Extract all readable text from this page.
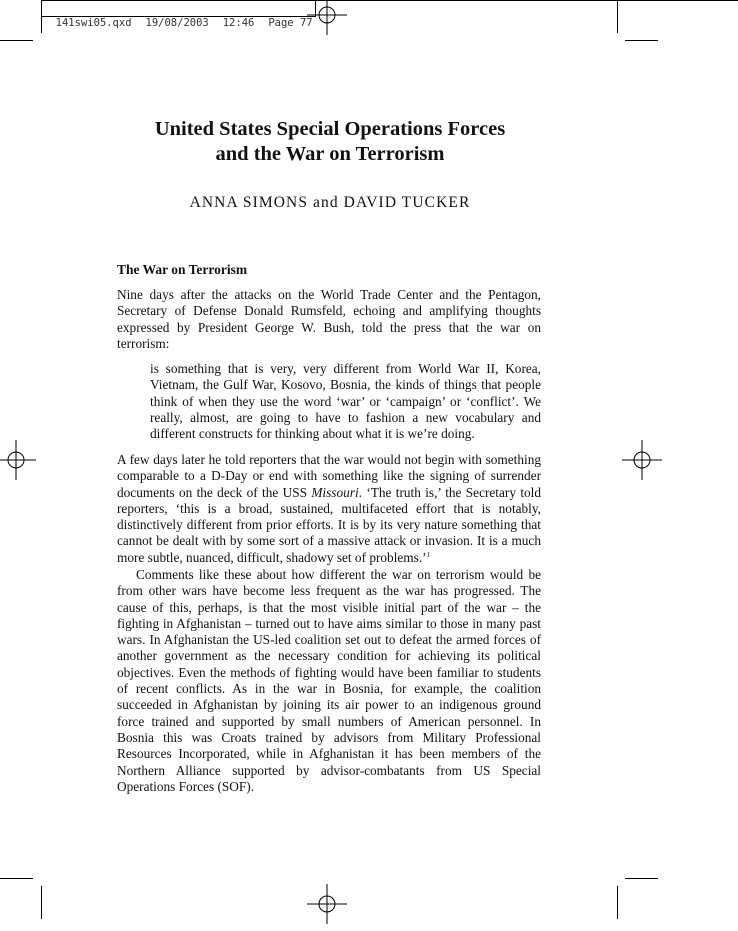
141swi05.qxd 19/08/2003 12:46 Page 77

United States Special Operations Forces
and the War on Terrorism
ANNA SIMONS and DAVID TUCKER
The War on Terrorism
Nine days after the attacks on the World Trade Center and the Pentagon, Secretary of Defense Donald Rumsfeld, echoing and amplifying thoughts expressed by President George W. Bush, told the press that the war on terrorism:
is something that is very, very different from World War II, Korea, Vietnam, the Gulf War, Kosovo, Bosnia, the kinds of things that people think of when they use the word ‘war’ or ‘campaign’ or ‘conflict’. We really, almost, are going to have to fashion a new vocabulary and different constructs for thinking about what it is we’re doing.
A few days later he told reporters that the war would not begin with something comparable to a D-Day or end with something like the signing of surrender documents on the deck of the USS Missouri. ‘The truth is,’ the Secretary told reporters, ‘this is a broad, sustained, multifaceted effort that is notably, distinctively different from prior efforts. It is by its very nature something that cannot be dealt with by some sort of a massive attack or invasion. It is a much more subtle, nuanced, difficult, shadowy set of problems.’$^1$
Comments like these about how different the war on terrorism would be from other wars have become less frequent as the war has progressed. The cause of this, perhaps, is that the most visible initial part of the war – the fighting in Afghanistan – turned out to have aims similar to those in many past wars. In Afghanistan the US-led coalition set out to defeat the armed forces of another government as the necessary condition for achieving its political objectives. Even the methods of fighting would have been familiar to students of recent conflicts. As in the war in Bosnia, for example, the coalition succeeded in Afghanistan by joining its air power to an indigenous ground force trained and supported by small numbers of American personnel. In Bosnia this was Croats trained by advisors from Military Professional Resources Incorporated, while in Afghanistan it has been members of the Northern Alliance supported by advisor-combatants from US Special Operations Forces (SOF).
